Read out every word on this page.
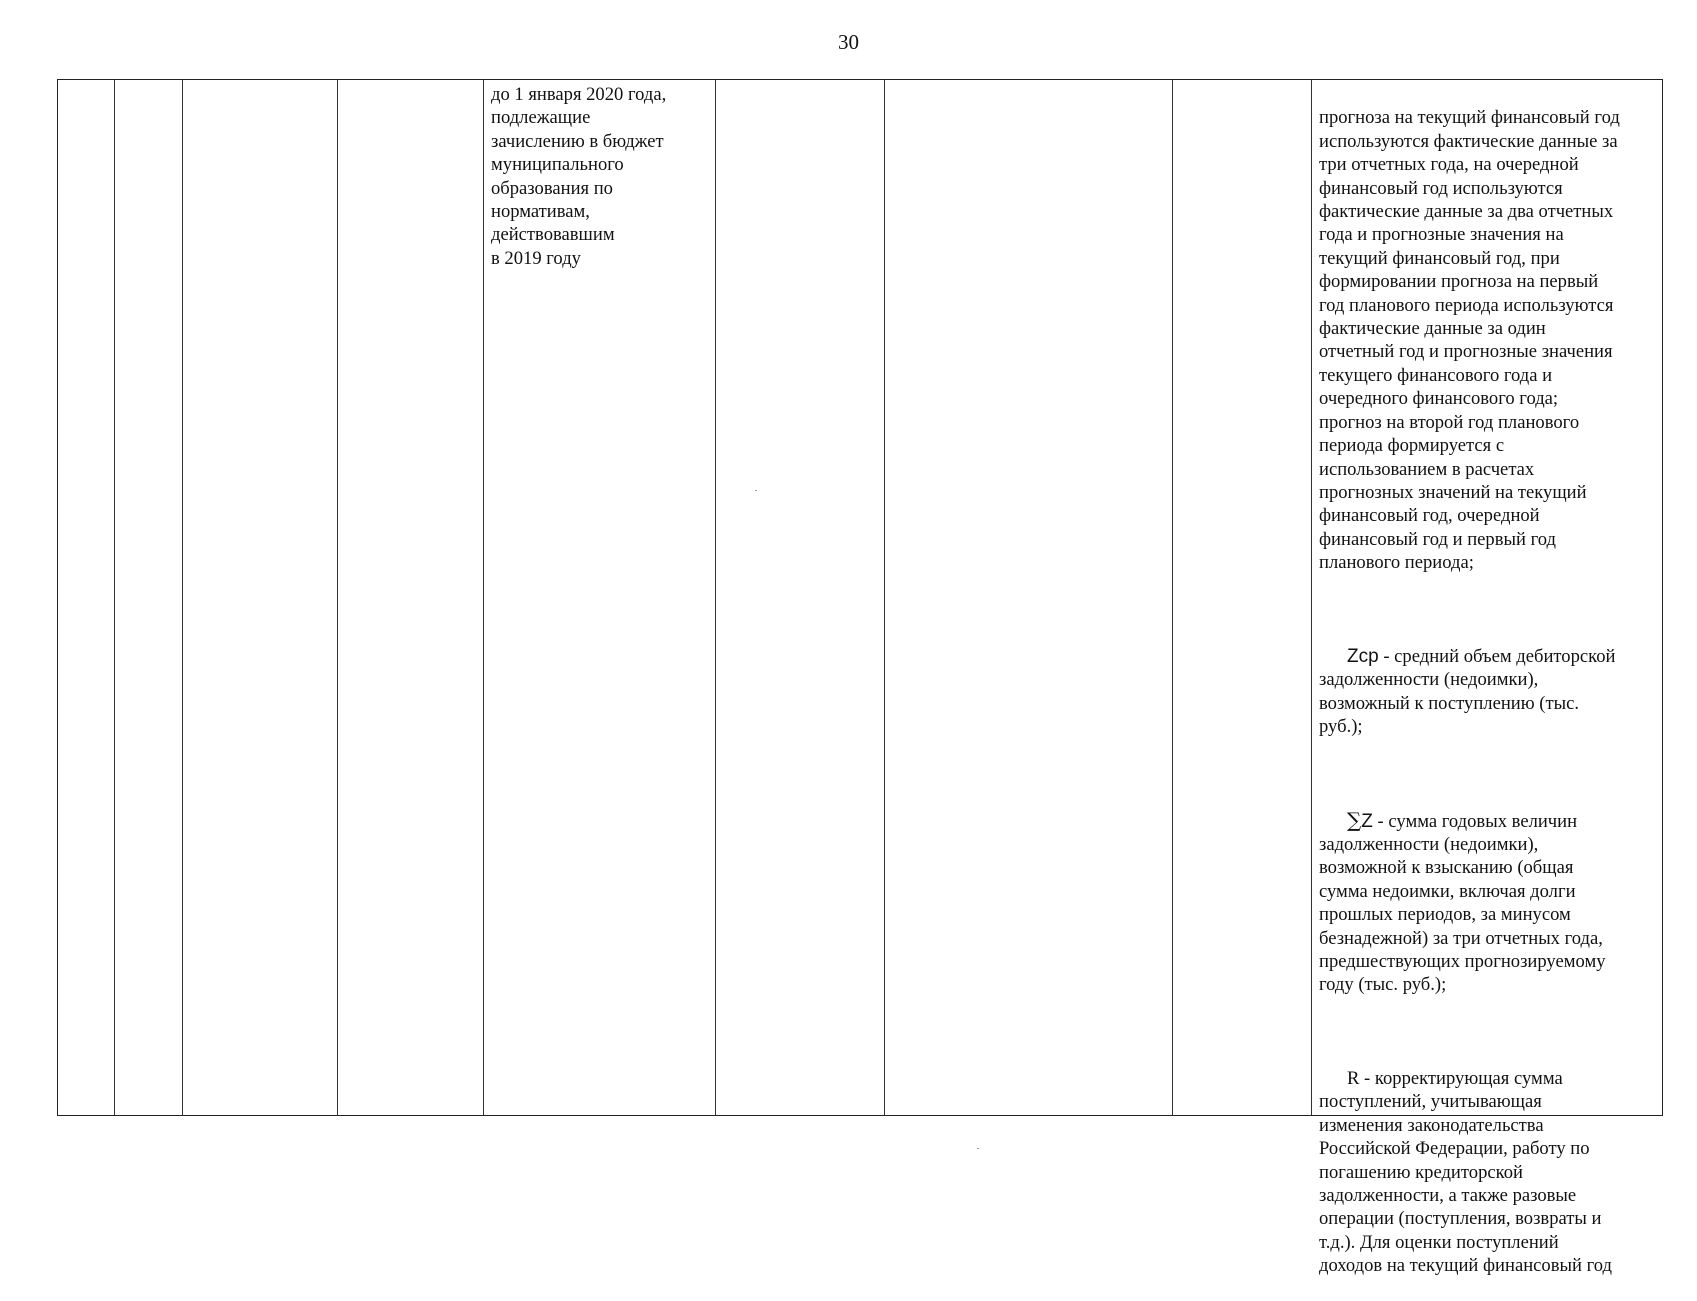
30
до 1 января 2020 года,
подлежащие
зачислению в бюджет
муниципального
образования по
нормативам,
действовавшим
в 2019 году

прогноза на текущий финансовый год
используются фактические данные за
три отчетных года, на очередной
финансовый год используются
фактические данные за два отчетных
года и прогнозные значения на
текущий финансовый год, при
формировании прогноза на первый
год планового периода используются
фактические данные за один
отчетный год и прогнозные значения
текущего финансового года и
очередного финансового года;
прогноз на второй год планового
периода формируется с
использованием в расчетах
прогнозных значений на текущий
финансовый год, очередной
финансовый год и первый год
планового периода;

Zср - средний объем дебиторской
задолженности (недоимки),
возможный к поступлению (тыс.
руб.);

∑Z - сумма годовых величин
задолженности (недоимки),
возможной к взысканию (общая
сумма недоимки, включая долги
прошлых периодов, за минусом
безнадежной) за три отчетных года,
предшествующих прогнозируемому
году (тыс. руб.);

R - корректирующая сумма
поступлений, учитывающая
изменения законодательства
Российской Федерации, работу по
погашению кредиторской
задолженности, а также разовые
операции (поступления, возвраты и
т.д.). Для оценки поступлений
доходов на текущий финансовый год
